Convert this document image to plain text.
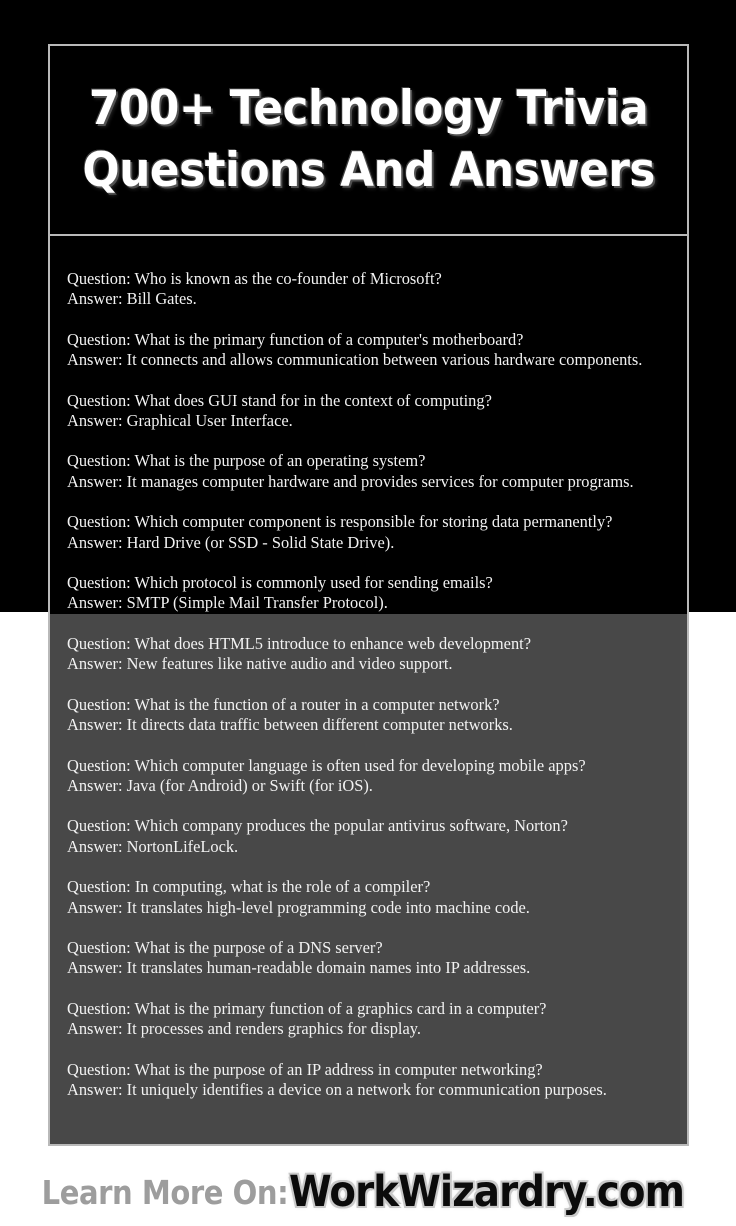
700+ Technology Trivia
Questions And Answers
Question: Who is known as the co-founder of Microsoft?
Answer: Bill Gates.
Question: What is the primary function of a computer's motherboard?
Answer: It connects and allows communication between various hardware components.
Question: What does GUI stand for in the context of computing?
Answer: Graphical User Interface.
Question: What is the purpose of an operating system?
Answer: It manages computer hardware and provides services for computer programs.
Question: Which computer component is responsible for storing data permanently?
Answer: Hard Drive (or SSD - Solid State Drive).
Question: Which protocol is commonly used for sending emails?
Answer: SMTP (Simple Mail Transfer Protocol).
Question: What does HTML5 introduce to enhance web development?
Answer: New features like native audio and video support.
Question: What is the function of a router in a computer network?
Answer: It directs data traffic between different computer networks.
Question: Which computer language is often used for developing mobile apps?
Answer: Java (for Android) or Swift (for iOS).
Question: Which company produces the popular antivirus software, Norton?
Answer: NortonLifeLock.
Question: In computing, what is the role of a compiler?
Answer: It translates high-level programming code into machine code.
Question: What is the purpose of a DNS server?
Answer: It translates human-readable domain names into IP addresses.
Question: What is the primary function of a graphics card in a computer?
Answer: It processes and renders graphics for display.
Question: What is the purpose of an IP address in computer networking?
Answer: It uniquely identifies a device on a network for communication purposes.
Learn More On: WorkWizardry.com
